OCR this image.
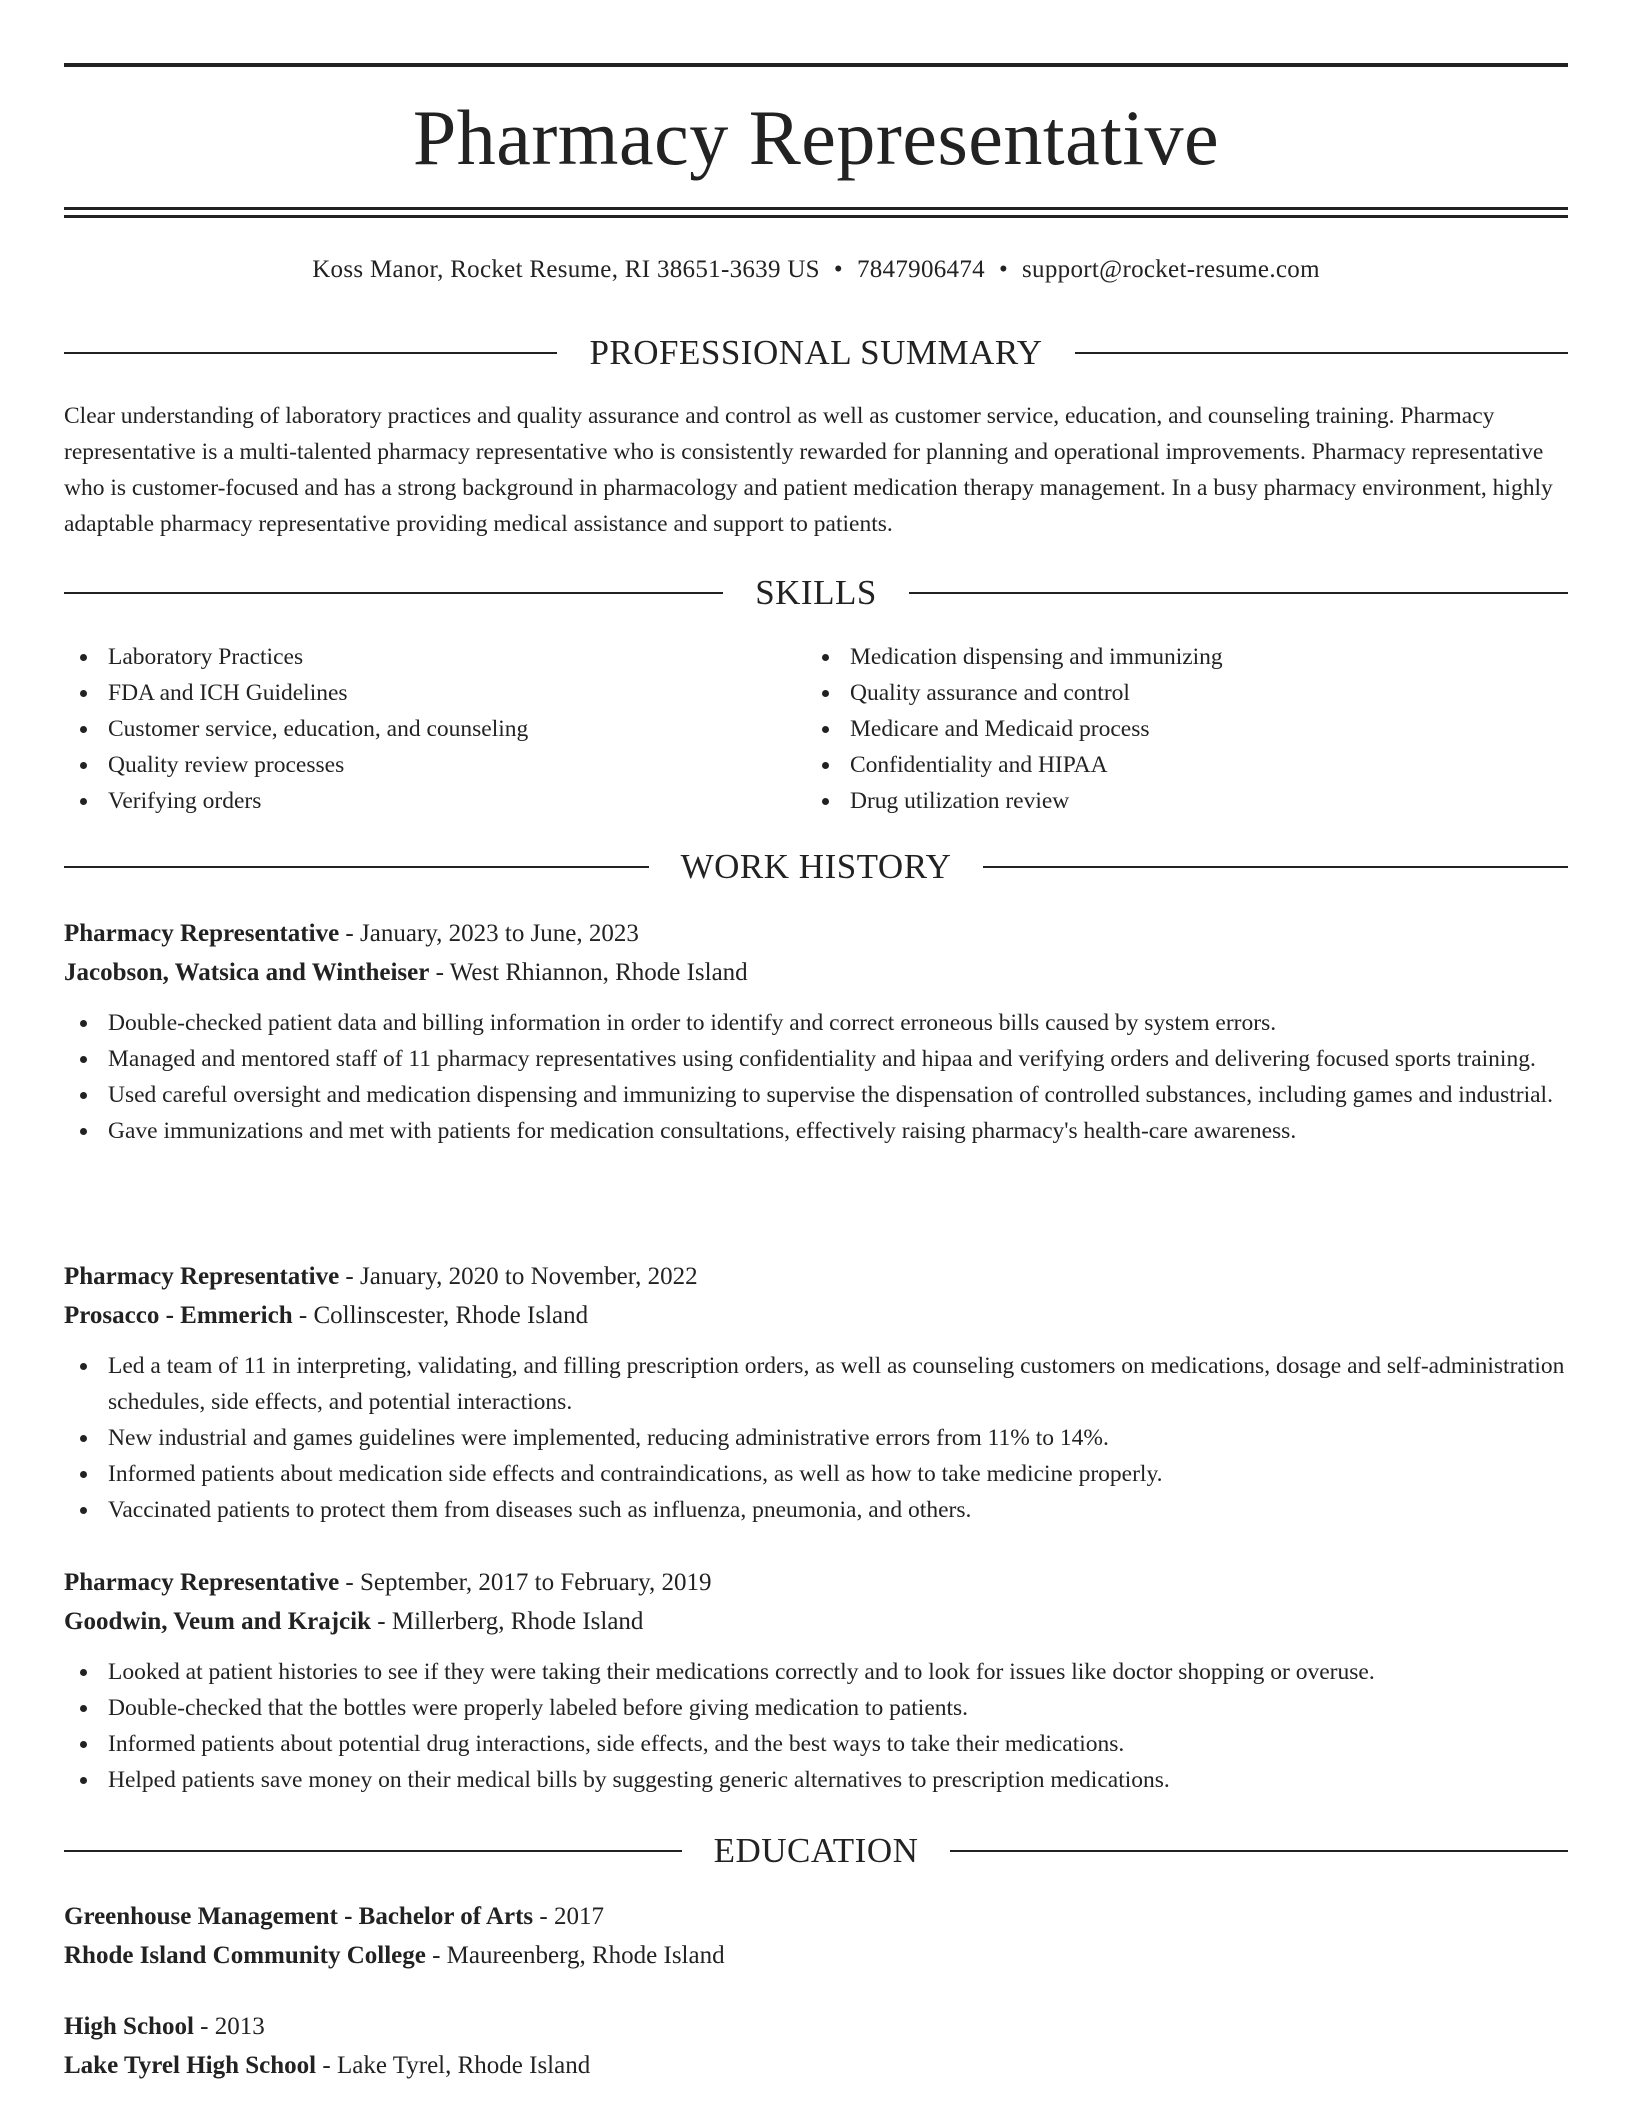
Pharmacy Representative
Koss Manor, Rocket Resume, RI 38651-3639 US • 7847906474 • support@rocket-resume.com
PROFESSIONAL SUMMARY

Clear understanding of laboratory practices and quality assurance and control as well as customer service, education, and counseling training. Pharmacy representative is a multi-talented pharmacy representative who is consistently rewarded for planning and operational improvements. Pharmacy representative who is customer-focused and has a strong background in pharmacology and patient medication therapy management. In a busy pharmacy environment, highly adaptable pharmacy representative providing medical assistance and support to patients.

SKILLS
Laboratory Practices
FDA and ICH Guidelines
Customer service, education, and counseling
Quality review processes
Verifying orders
Medication dispensing and immunizing
Quality assurance and control
Medicare and Medicaid process
Confidentiality and HIPAA
Drug utilization review
WORK HISTORY
Pharmacy Representative - January, 2023 to June, 2023
Jacobson, Watsica and Wintheiser - West Rhiannon, Rhode Island
Double-checked patient data and billing information in order to identify and correct erroneous bills caused by system errors.
Managed and mentored staff of 11 pharmacy representatives using confidentiality and hipaa and verifying orders and delivering focused sports training.
Used careful oversight and medication dispensing and immunizing to supervise the dispensation of controlled substances, including games and industrial.
Gave immunizations and met with patients for medication consultations, effectively raising pharmacy's health-care awareness.
Pharmacy Representative - January, 2020 to November, 2022
Prosacco - Emmerich - Collinscester, Rhode Island
Led a team of 11 in interpreting, validating, and filling prescription orders, as well as counseling customers on medications, dosage and self-administration schedules, side effects, and potential interactions.
New industrial and games guidelines were implemented, reducing administrative errors from 11% to 14%.
Informed patients about medication side effects and contraindications, as well as how to take medicine properly.
Vaccinated patients to protect them from diseases such as influenza, pneumonia, and others.
Pharmacy Representative - September, 2017 to February, 2019
Goodwin, Veum and Krajcik - Millerberg, Rhode Island
Looked at patient histories to see if they were taking their medications correctly and to look for issues like doctor shopping or overuse.
Double-checked that the bottles were properly labeled before giving medication to patients.
Informed patients about potential drug interactions, side effects, and the best ways to take their medications.
Helped patients save money on their medical bills by suggesting generic alternatives to prescription medications.
EDUCATION
Greenhouse Management - Bachelor of Arts - 2017
Rhode Island Community College - Maureenberg, Rhode Island
High School - 2013
Lake Tyrel High School - Lake Tyrel, Rhode Island
